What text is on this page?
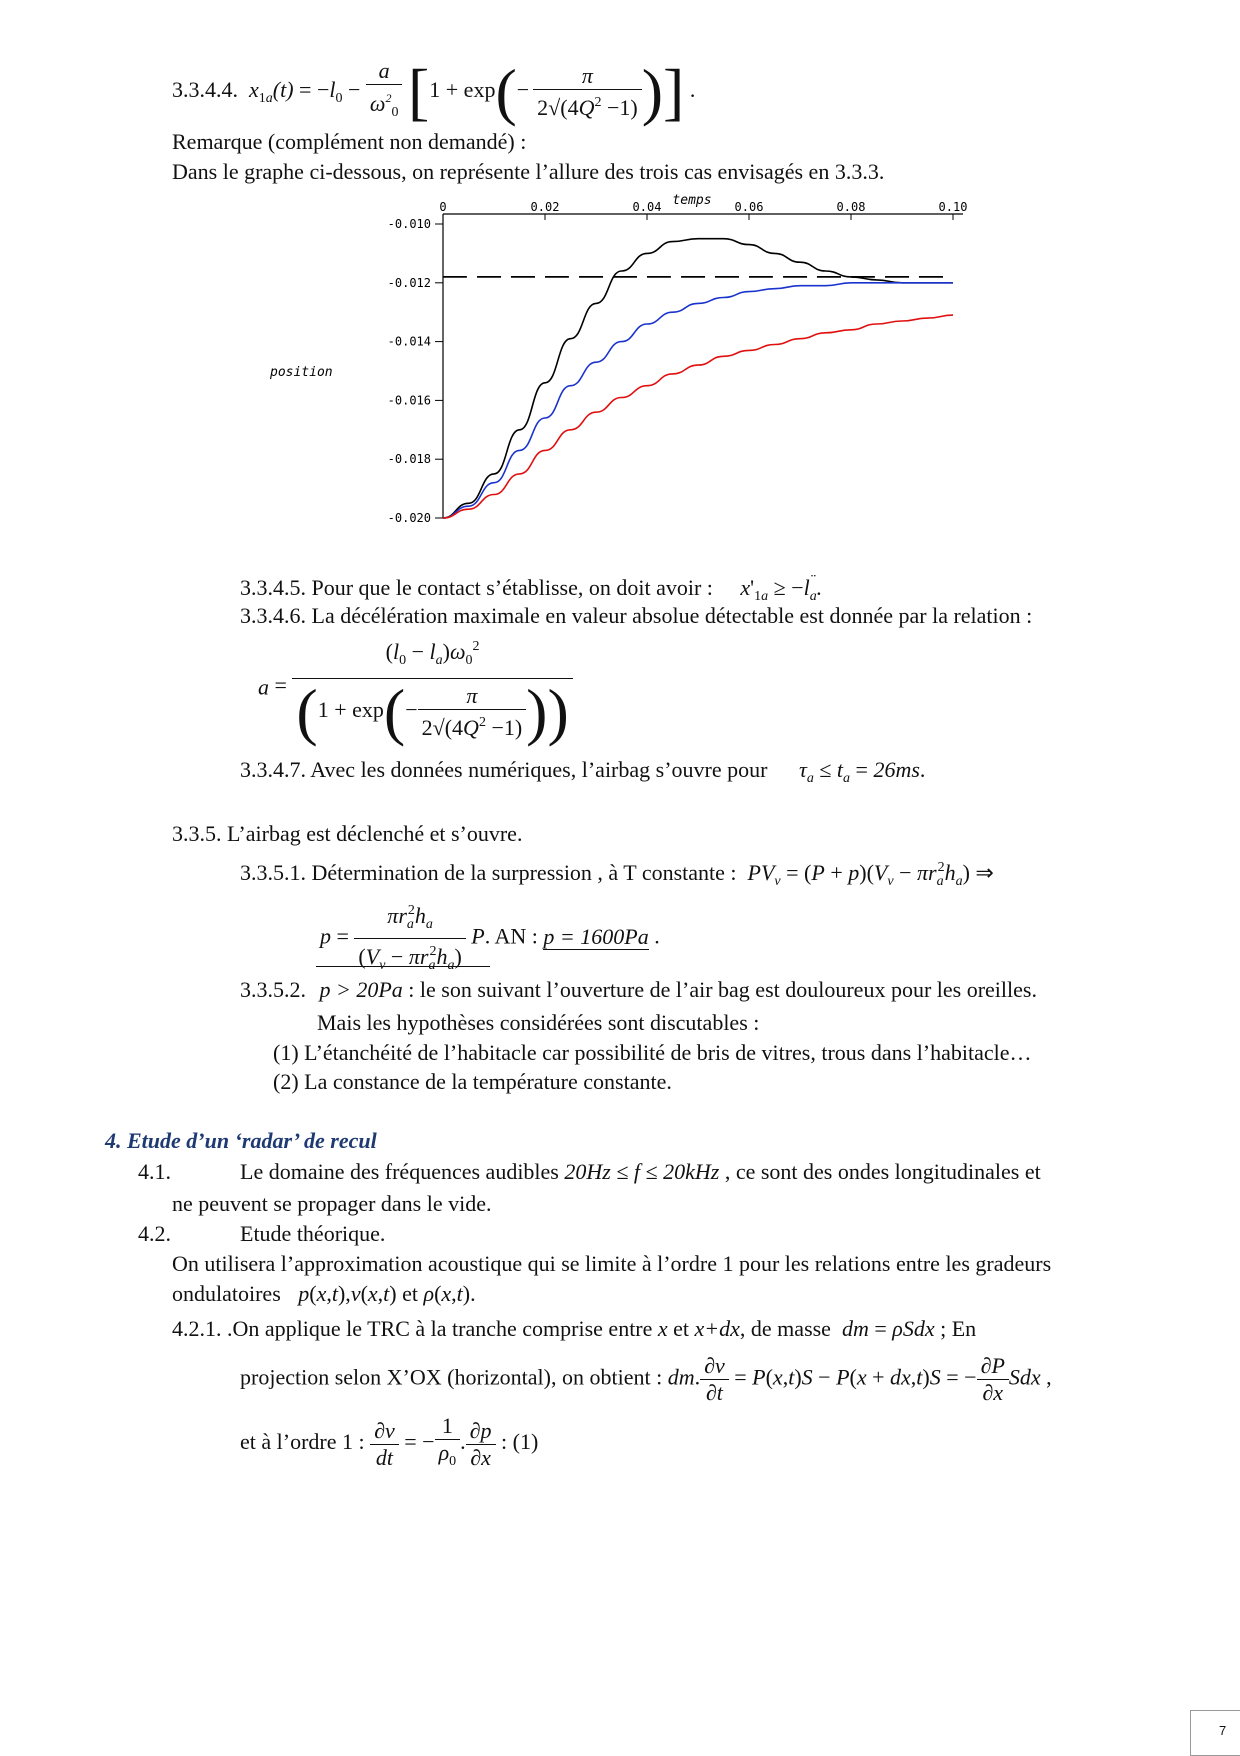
3.3.4.4.  $x_{1a}(t) = -l_0 - \frac{a}{\omega^2_0} [1 + \exp(- \frac{\pi}{2√(4Q^2 -1)}$ )] .
Remarque (complément non demandé) :
Dans le graphe ci-dessous, on représente l’allure des trois cas envisagés en 3.3.3.
temps
position
0	0.02	0.04	0.06	0.08	0.10
-0.010
-0.012
-0.014
-0.016
-0.018
-0.020
3.3.4.5. Pour que le contact s’établisse, on doit avoir : $x'_{1a} \ge -l_a^¨$.
3.3.4.6. La décélération maximale en valeur absolue détectable est donnée par la relation :
$a = \frac{(l_0 - l_a)\omega_0^2}{(1 + \exp(- \frac{\pi}{2√(4Q^2 -1)} ))}$
3.3.4.7. Avec les données numériques, l’airbag s’ouvre pour $\tau_a \le t_a = 26ms$.
3.3.5. L’airbag est déclenché et s’ouvre.
3.3.5.1. Détermination de la surpression , à T constante :  $PV_v = (P + p)(V_v - \pi r_a^2h_a)$ ⇒
$p = \frac{\pi r_a^2h_a}{(V_v - \pi r_a^2h_a)} P$. AN : p = 1600Pa .
3.3.5.2. p > 20Pa : le son suivant l’ouverture de l’air bag est douloureux pour les oreilles.
Mais les hypothèses considérées sont discutables :
(1) L’étanchéité de l’habitacle car possibilité de bris de vitres, trous dans l’habitacle…
(2) La constance de la température constante.
4. Etude d’un ‘radar’ de recul
4.1.	Le domaine des fréquences audibles 20Hz ≤ f ≤ 20kHz , ce sont des ondes longitudinales et
ne peuvent se propager dans le vide.
4.2.	Etude théorique.
On utilisera l’approximation acoustique qui se limite à l’ordre 1 pour les relations entre les gradeurs
ondulatoires p(x,t),v(x,t) et ρ(x,t).
4.2.1. .On applique le TRC à la tranche comprise entre x et x+dx, de masse  dm = ρSdx ; En
projection selon X’OX (horizontal), on obtient : dm. $\frac{\partial v}{\partial t} = P(x,t)S - P(x + dx,t)S$ = − $\frac{\partial P}{\partial x}$ Sdx ,
et à l’ordre 1 : $\frac{\partial v}{dt}$ = − $\frac{1}{\rho_0}$ . $\frac{\partial p}{\partial x}$ : (1)
7
